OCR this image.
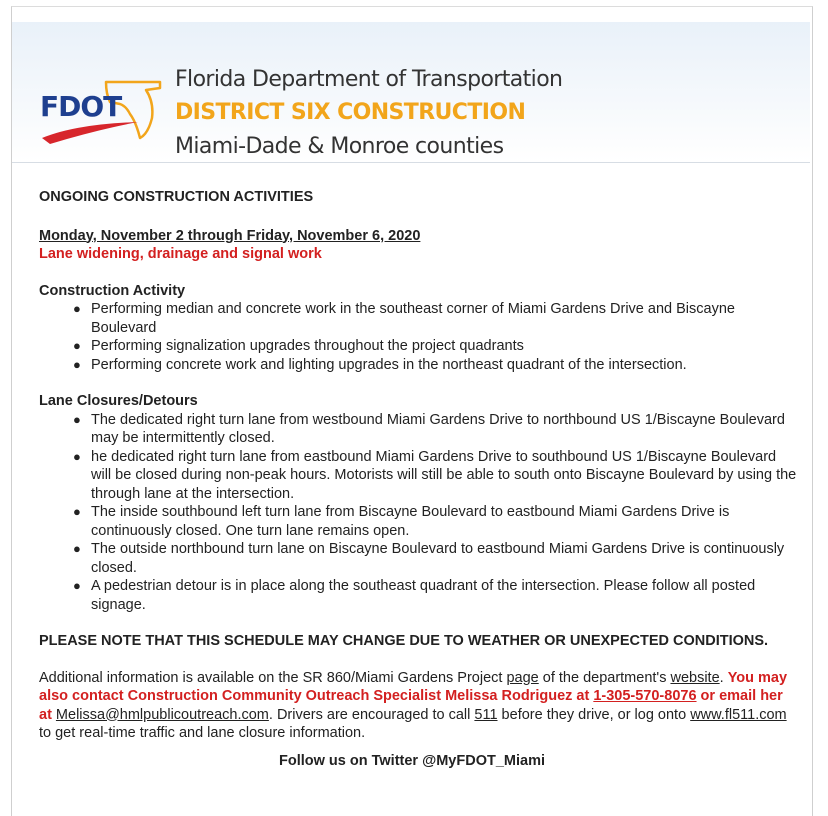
FDOT
Florida Department of Transportation
DISTRICT SIX CONSTRUCTION
Miami-Dade & Monroe counties

ONGOING CONSTRUCTION ACTIVITIES

Monday, November 2 through Friday, November 6, 2020
Lane widening, drainage and signal work
Construction Activity
● Performing median and concrete work in the southeast corner of Miami Gardens Drive and Biscayne Boulevard
● Performing signalization upgrades throughout the project quadrants
● Performing concrete work and lighting upgrades in the northeast quadrant of the intersection.
Lane Closures/Detours
● The dedicated right turn lane from westbound Miami Gardens Drive to northbound US 1/Biscayne Boulevard may be intermittently closed.
● he dedicated right turn lane from eastbound Miami Gardens Drive to southbound US 1/Biscayne Boulevard will be closed during non-peak hours. Motorists will still be able to south onto Biscayne Boulevard by using the through lane at the intersection.
● The inside southbound left turn lane from Biscayne Boulevard to eastbound Miami Gardens Drive is continuously closed. One turn lane remains open.
● The outside northbound turn lane on Biscayne Boulevard to eastbound Miami Gardens Drive is continuously closed.
● A pedestrian detour is in place along the southeast quadrant of the intersection. Please follow all posted signage.
PLEASE NOTE THAT THIS SCHEDULE MAY CHANGE DUE TO WEATHER OR UNEXPECTED CONDITIONS.
Additional information is available on the SR 860/Miami Gardens Project page of the department's website. You may also contact Construction Community Outreach Specialist Melissa Rodriguez at 1-305-570-8076 or email her at Melissa@hmlpublicoutreach.com. Drivers are encouraged to call 511 before they drive, or log onto www.fl511.com to get real-time traffic and lane closure information.
Follow us on Twitter @MyFDOT_Miami
